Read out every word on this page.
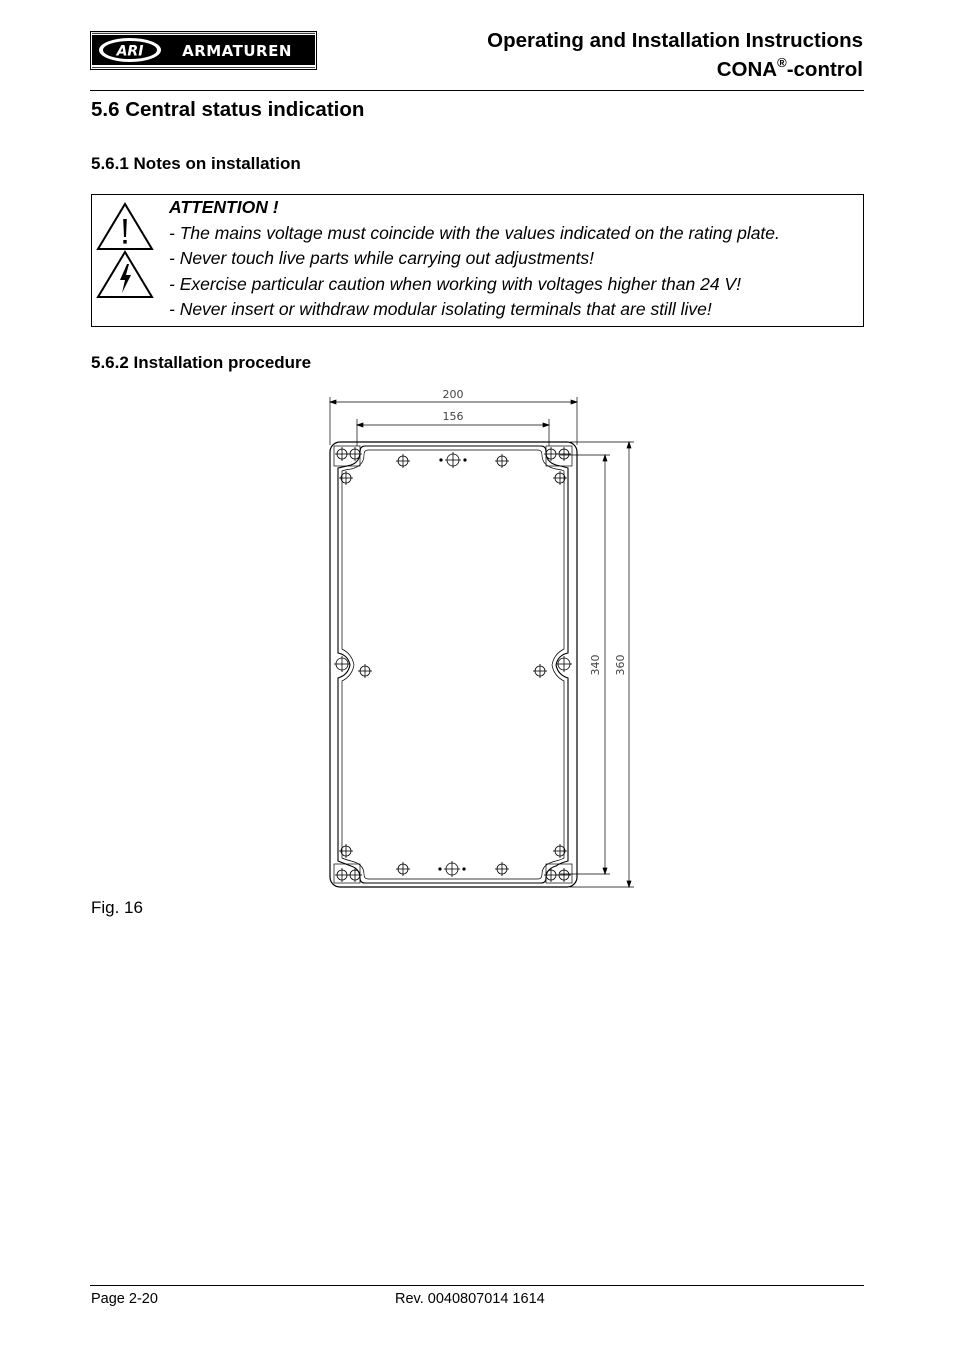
ARI	ARMATUREN	Operating and Installation Instructions
CONA®-control
5.6 Central status indication
5.6.1 Notes on installation
ATTENTION !
- The mains voltage must coincide with the values indicated on the rating plate.
- Never touch live parts while carrying out adjustments!
- Exercise particular caution when working with voltages higher than 24 V!
- Never insert or withdraw modular isolating terminals that are still live!
5.6.2 Installation procedure
200
156
340 360
Fig. 16
Page 2-20	Rev. 0040807014 1614
